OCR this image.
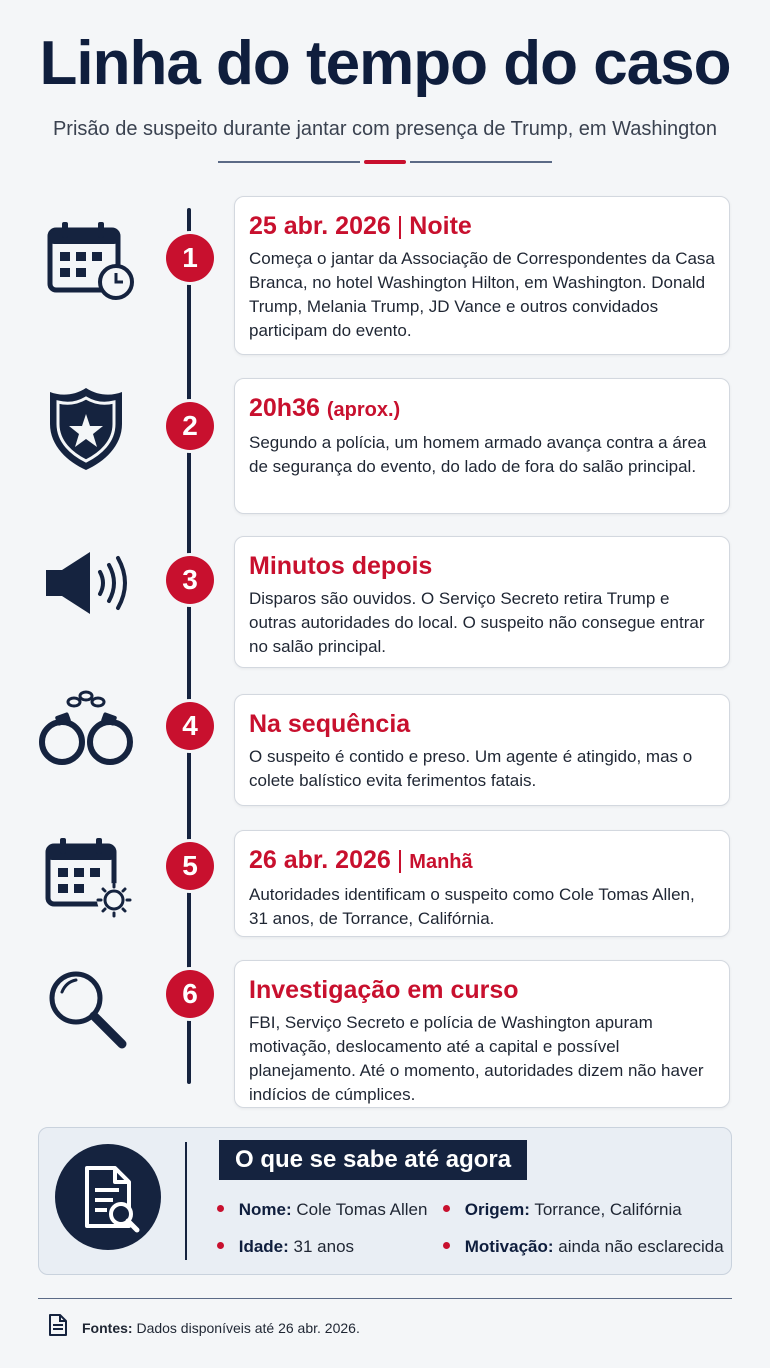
Linha do tempo do caso
Prisão de suspeito durante jantar com presença de Trump, em Washington
1
25 abr. 2026 | Noite
Começa o jantar da Associação de Correspondentes da Casa Branca, no hotel Washington Hilton, em Washington. Donald Trump, Melania Trump, JD Vance e outros convidados participam do evento.
2
20h36 (aprox.)
Segundo a polícia, um homem armado avança contra a área de segurança do evento, do lado de fora do salão principal.
3	Minutos depois
Disparos são ouvidos. O Serviço Secreto retira Trump e outras autoridades do local. O suspeito não consegue entrar no salão principal.
4	Na sequência
O suspeito é contido e preso. Um agente é atingido, mas o colete balístico evita ferimentos fatais.
5	26 abr. 2026 | Manhã
Autoridades identificam o suspeito como Cole Tomas Allen, 31 anos, de Torrance, Califórnia.
6	Investigação em curso
FBI, Serviço Secreto e polícia de Washington apuram motivação, deslocamento até a capital e possível planejamento. Até o momento, autoridades dizem não haver indícios de cúmplices.
O que se sabe até agora
Nome: Cole Tomas Allen	Origem: Torrance, Califórnia
Idade: 31 anos	Motivação: ainda não esclarecida
Fontes: Dados disponíveis até 26 abr. 2026.
